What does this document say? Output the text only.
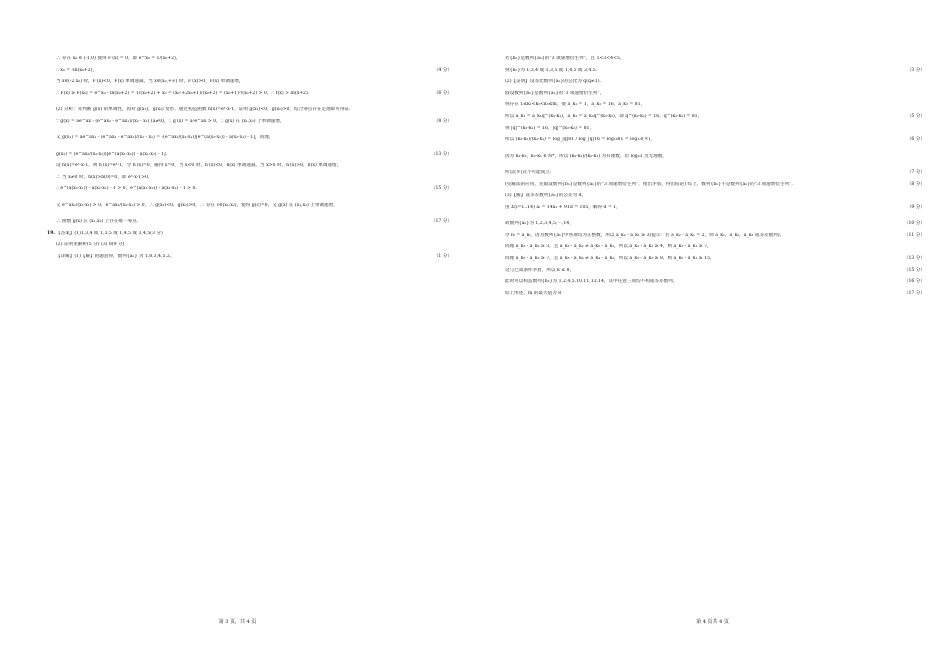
∴ 存在 x₀ ∈ (-1,0) 使得 F′(x) = 0，即 e^x₀ = 1/(x₀+2)，
∴ x₀ = -ln(x₀+2)，	（4 分）
当 x∈(-2,x₀) 时，F′(x)<0，F(x) 单调递减，当 x∈(x₀,+∞) 时，F′(x)>0，F(x) 单调递增，
∴ F(x) ≥ F(x₀) = e^x₀ - ln(x₀+2) = 1/(x₀+2) + x₀ = (x₀²+2x₀+1)/(x₀+2) = (x₀+1)²/(x₀+2) > 0，∴ f(x) > ln(x+2).	（6 分）
(2) 分析：先判断 g(x) 的单调性，再对 g(x₁)，g(x₂) 变形，通过构造函数 h(x)=eˣ-x-1，证明 g(x₁)<0，g(x₂)>0，结合零点存在定理即可得证.
∵ g(x) = ae^ax - (e^ax₂ - e^ax₁)/(x₂ - x₁) (a≠0)，∴ g′(x) = a²e^ax > 0，∴ g(x) 在 (x₁,x₂) 上单调递增，	（8 分）
又 g(x₁) = ae^ax₁ - (e^ax₂ - e^ax₁)/(x₂ - x₁) = -(e^ax₁/(x₂-x₁))[e^(a(x₂-x₁)) - a(x₂-x₁) - 1]，同理，
g(x₂) = (e^ax₂/(x₂-x₁))[e^(a(x₁-x₂)) - a(x₁-x₂) - 1].	（13 分）
设 h(x)=eˣ-x-1，则 h′(x)=eˣ-1，令 h′(x)=0，解得 x=0，当 x<0 时，h′(x)<0，h(x) 单调递减，当 x>0 时，h′(x)>0，h(x) 单调递增，
∴ 当 x≠0 时，h(x)>h(0)=0，即 eˣ-x-1>0，
∴ e^(a(x₂-x₁)) - a(x₂-x₁) - 1 > 0，e^(a(x₁-x₂)) - a(x₁-x₂) - 1 > 0.	（15 分）
又 e^ax₁/(x₂-x₁) > 0，e^ax₂/(x₂-x₁) > 0，∴ g(x₁)<0，g(x₂)>0，∴ 存在 c∈(x₁,x₂)，使得 g(c)=0，又 g(x) 在 (x₁,x₂) 上单调递增，
∴ 函数 g(x) 在 (x₁,x₂) 上存在唯一零点.	（17 分）
19. 【答案】(1)1,3,4 或 1,3,5 或 1,4,5 或 3,4,5(3 分)
(2) 证明见解析(5 分) (3) 8(9 分)
【详解】(1)【解】由题意得，数列{aₙ} 为 1,8,3,4,5,2，	（1 分）
第 3 页，共 4 页
若{bₙ}是数列{aₙ}的“3 项递增衍生列”，且 1<3<4<5，
则{bₙ}为 1,3,4 或 1,3,5 或 1,4,5 或 3,4,5.	（3 分）
(2)【证明】设等比数列{aₙ}的公比为 q(q≠1).
假设数列{bₙ}是数列{aₙ}的“3 项递增衍生列”，
则存在 1≤k₁<k₂<k₃≤m，使 a_k₁ = 1，a_k₂ = 16，a_k₃ = 81，
所以 a_k₂ = a_k₁q^(k₂-k₁)，a_k₃ = a_k₂q^(k₃-k₂)，即 q^(k₂-k₁) = 16，q^(k₃-k₂) = 81，	（5 分）
则 |q|^(k₂-k₁) = 16，|q|^(k₃-k₂) = 81，
所以 (k₃-k₂)/(k₂-k₁) = log_|q|81 / log_|q|16 = log₁₆81 = log₂3(＊)，	（6 分）
因为 k₃-k₂，k₂-k₁ ∈ N*，所以 (k₃-k₂)/(k₂-k₁) 为有理数，但 log₂3 为无理数，
所以(＊)式不可能成立.	（7 分）
(见解法的应用，先假设数列{bₙ}是数列{aₙ}的“3 项递增衍生列”，推出矛盾，得出结论) 综上，数列{bₙ}不是数列{aₙ}的“3 项递增衍生列”.	（8 分）
(3)【解】设等差数列{aₙ}的公差为 d，
由 Σ(i=1..14) aᵢ = 14a₁ + 91d = 105，解得 d = 1，	（9 分）
故数列{aₙ}为 1,2,3,4,5,⋯,14，	（10 分）
令 bᵢ = a_kᵢ，因为数列{aₙ}中各项均为正整数，所以 a_k₂ - a_k₁ ≥ 3(提示：若 a_k₂ - a_k₁ = 2，则 a_k₁，a_k₂，a_k₃ 成等差数列)，	（11 分）
同理 a_k₃ - a_k₂ ≥ 3，且 a_k₃ - a_k₂ ≠ a_k₂ - a_k₁，所以 a_k₃ - a_k₁ ≥ 4，则 a_k₃ - a_k₁ ≥ 7，
同理 a_k₅ - a_k₃ ≥ 7，且 a_k₅ - a_k₄ ≠ a_k₄ - a_k₃，所以 a_k₅ - a_k₃ ≥ 8，则 a_k₅ - a_k₁ ≥ 15，	（13 分）
这与已知条件矛盾，所以 k ≤ 8，	（15 分）
此时可以构造数列{bₙ}为 1,2,4,5,10,11,13,14，其中任意三项均不构成等差数列，	（16 分）
综上所述，m 的最大值为 8	（17 分）
第 4 页共 4 页
